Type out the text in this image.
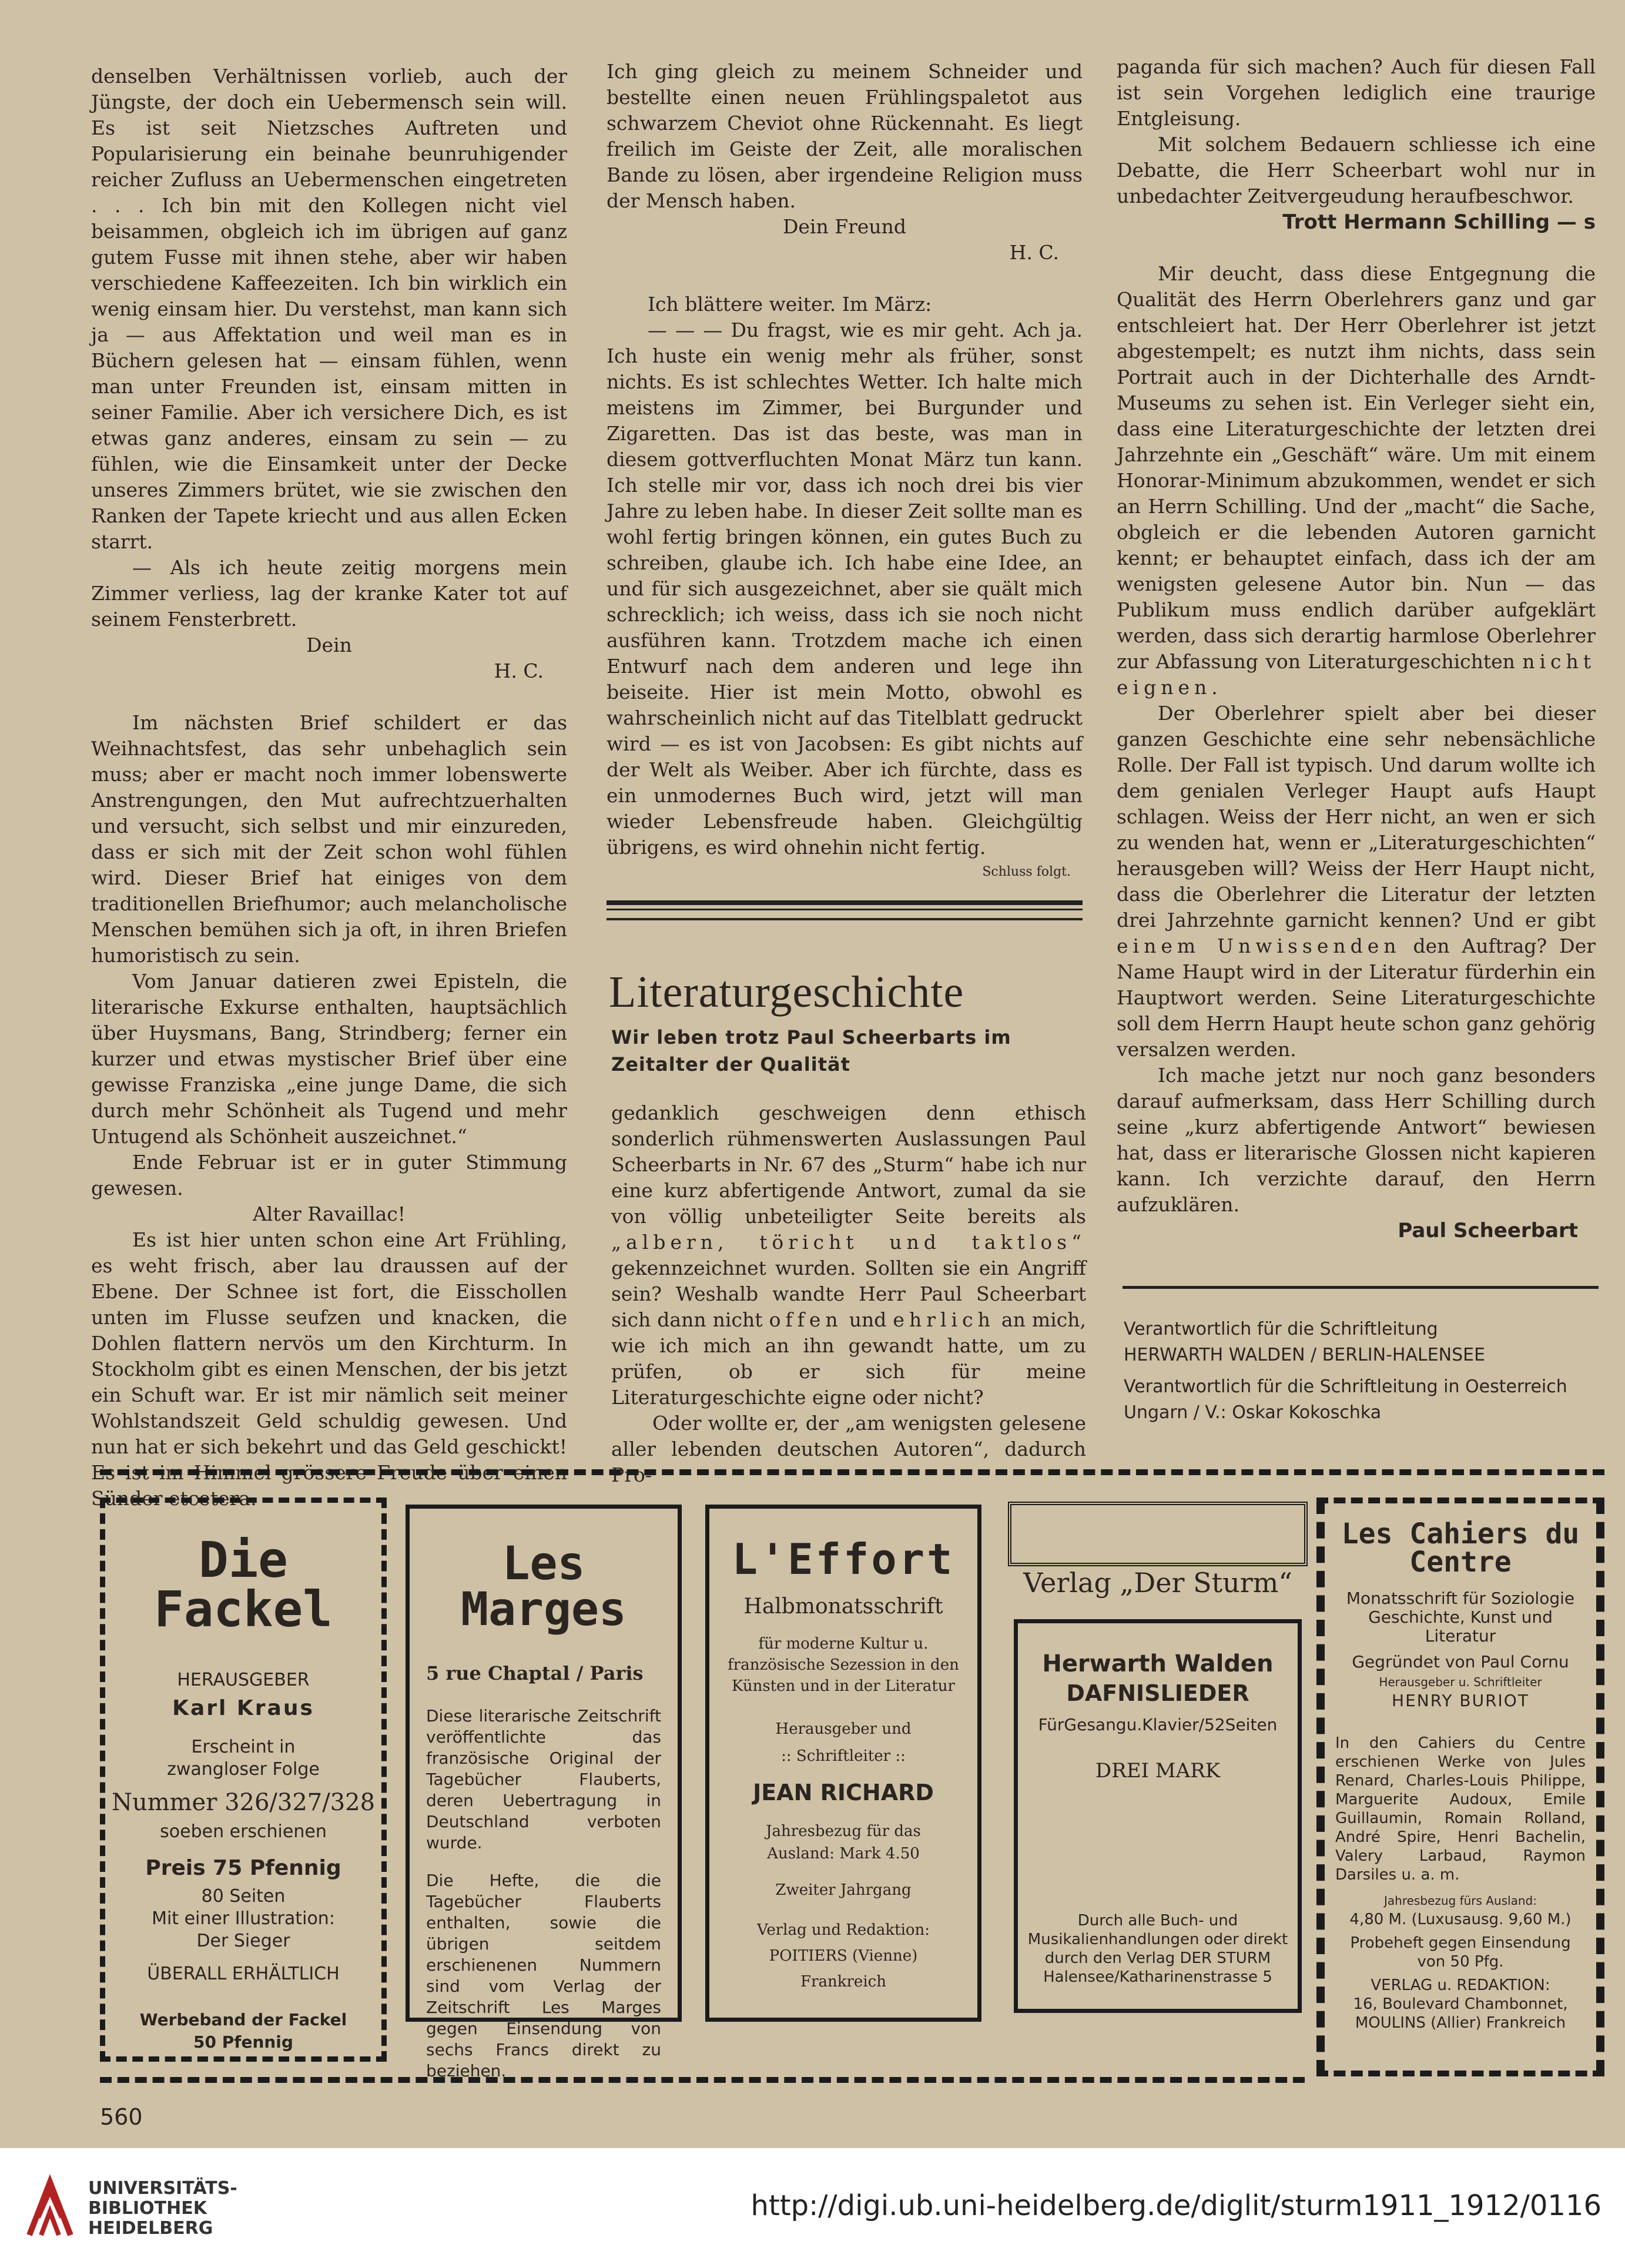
denselben Verhältnissen vorlieb, auch der Jüngste, der doch ein Uebermensch sein will. Es ist seit Nietzsches Auftreten und Popularisierung ein beinahe beunruhigender reicher Zufluss an Uebermenschen eingetreten . . . Ich bin mit den Kollegen nicht viel beisammen, obgleich ich im übrigen auf ganz gutem Fusse mit ihnen stehe, aber wir haben verschiedene Kaffeezeiten. Ich bin wirklich ein wenig einsam hier. Du verstehst, man kann sich ja — aus Affektation und weil man es in Büchern gelesen hat — einsam fühlen, wenn man unter Freunden ist, einsam mitten in seiner Familie. Aber ich versichere Dich, es ist etwas ganz anderes, einsam zu sein — zu fühlen, wie die Einsamkeit unter der Decke unseres Zimmers brütet, wie sie zwischen den Ranken der Tapete kriecht und aus allen Ecken starrt.

— Als ich heute zeitig morgens mein Zimmer verliess, lag der kranke Kater tot auf seinem Fensterbrett.

Dein

H. C.

Im nächsten Brief schildert er das Weihnachtsfest, das sehr unbehaglich sein muss; aber er macht noch immer lobenswerte Anstrengungen, den Mut aufrechtzuerhalten und versucht, sich selbst und mir einzureden, dass er sich mit der Zeit schon wohl fühlen wird. Dieser Brief hat einiges von dem traditionellen Briefhumor; auch melancholische Menschen bemühen sich ja oft, in ihren Briefen humoristisch zu sein.

Vom Januar datieren zwei Episteln, die literarische Exkurse enthalten, hauptsächlich über Huysmans, Bang, Strindberg; ferner ein kurzer und etwas mystischer Brief über eine gewisse Franziska „eine junge Dame, die sich durch mehr Schönheit als Tugend und mehr Untugend als Schönheit auszeichnet.“

Ende Februar ist er in guter Stimmung gewesen.

Alter Ravaillac!

Es ist hier unten schon eine Art Frühling, es weht frisch, aber lau draussen auf der Ebene. Der Schnee ist fort, die Eisschollen unten im Flusse seufzen und knacken, die Dohlen flattern nervös um den Kirchturm. In Stockholm gibt es einen Menschen, der bis jetzt ein Schuft war. Er ist mir nämlich seit meiner Wohlstandszeit Geld schuldig gewesen. Und nun hat er sich bekehrt und das Geld geschickt! Es ist im Himmel grössere Freude über einen Sünder etcetera.

Ich ging gleich zu meinem Schneider und bestellte einen neuen Frühlingspaletot aus schwarzem Cheviot ohne Rückennaht. Es liegt freilich im Geiste der Zeit, alle moralischen Bande zu lösen, aber irgendeine Religion muss der Mensch haben.

Dein Freund

H. C.

Ich blättere weiter. Im März:

— — — Du fragst, wie es mir geht. Ach ja. Ich huste ein wenig mehr als früher, sonst nichts. Es ist schlechtes Wetter. Ich halte mich meistens im Zimmer, bei Burgunder und Zigaretten. Das ist das beste, was man in diesem gottverfluchten Monat März tun kann. Ich stelle mir vor, dass ich noch drei bis vier Jahre zu leben habe. In dieser Zeit sollte man es wohl fertig bringen können, ein gutes Buch zu schreiben, glaube ich. Ich habe eine Idee, an und für sich ausgezeichnet, aber sie quält mich schrecklich; ich weiss, dass ich sie noch nicht ausführen kann. Trotzdem mache ich einen Entwurf nach dem anderen und lege ihn beiseite. Hier ist mein Motto, obwohl es wahrscheinlich nicht auf das Titelblatt gedruckt wird — es ist von Jacobsen: Es gibt nichts auf der Welt als Weiber. Aber ich fürchte, dass es ein unmodernes Buch wird, jetzt will man wieder Lebensfreude haben. Gleichgültig übrigens, es wird ohnehin nicht fertig.

Schluss folgt.

Literaturgeschichte
Wir leben trotz Paul Scheerbarts im Zeitalter der Qualität

gedanklich geschweigen denn ethisch sonderlich rühmenswerten Auslassungen Paul Scheerbarts in Nr. 67 des „Sturm“ habe ich nur eine kurz abfertigende Antwort, zumal da sie von völlig unbeteiligter Seite bereits als „albern, töricht und taktlos“ gekennzeichnet wurden. Sollten sie ein Angriff sein? Weshalb wandte Herr Paul Scheerbart sich dann nicht offen und ehrlich an mich, wie ich mich an ihn gewandt hatte, um zu prüfen, ob er sich für meine Literaturgeschichte eigne oder nicht?

Oder wollte er, der „am wenigsten gelesene aller lebenden deutschen Autoren“, dadurch Pro-

paganda für sich machen? Auch für diesen Fall ist sein Vorgehen lediglich eine traurige Entgleisung.

Mit solchem Bedauern schliesse ich eine Debatte, die Herr Scheerbart wohl nur in unbedachter Zeitvergeudung heraufbeschwor.

Trott Hermann Schilling — s

Mir deucht, dass diese Entgegnung die Qualität des Herrn Oberlehrers ganz und gar entschleiert hat. Der Herr Oberlehrer ist jetzt abgestempelt; es nutzt ihm nichts, dass sein Portrait auch in der Dichterhalle des Arndt-Museums zu sehen ist. Ein Verleger sieht ein, dass eine Literaturgeschichte der letzten drei Jahrzehnte ein „Geschäft“ wäre. Um mit einem Honorar-Minimum abzukommen, wendet er sich an Herrn Schilling. Und der „macht“ die Sache, obgleich er die lebenden Autoren garnicht kennt; er behauptet einfach, dass ich der am wenigsten gelesene Autor bin. Nun — das Publikum muss endlich darüber aufgeklärt werden, dass sich derartig harmlose Oberlehrer zur Abfassung von Literaturgeschichten nicht eignen.

Der Oberlehrer spielt aber bei dieser ganzen Geschichte eine sehr nebensächliche Rolle. Der Fall ist typisch. Und darum wollte ich dem genialen Verleger Haupt aufs Haupt schlagen. Weiss der Herr nicht, an wen er sich zu wenden hat, wenn er „Literaturgeschichten“ herausgeben will? Weiss der Herr Haupt nicht, dass die Oberlehrer die Literatur der letzten drei Jahrzehnte garnicht kennen? Und er gibt einem Unwissenden den Auftrag? Der Name Haupt wird in der Literatur fürderhin ein Hauptwort werden. Seine Literaturgeschichte soll dem Herrn Haupt heute schon ganz gehörig versalzen werden.

Ich mache jetzt nur noch ganz besonders darauf aufmerksam, dass Herr Schilling durch seine „kurz abfertigende Antwort“ bewiesen hat, dass er literarische Glossen nicht kapieren kann. Ich verzichte darauf, den Herrn aufzuklären.

Paul Scheerbart

Verantwortlich für die Schriftleitung
HERWARTH WALDEN / BERLIN-HALENSEE
Verantwortlich für die Schriftleitung in Oesterreich Ungarn / V.: Oskar Kokoschka
Die Fackel

HERAUSGEBER

Karl Kraus

Erscheint in zwangloser Folge

Nummer 326/327/328

soeben erschienen

Preis 75 Pfennig

80 Seiten

Mit einer Illustration:

Der Sieger

ÜBERALL ERHÄLTLICH

Werbeband der Fackel

50 Pfennig

Les Marges

5 rue Chaptal / Paris

Diese literarische Zeitschrift veröffentlichte das französische Original der Tagebücher Flauberts, deren Uebertragung in Deutschland verboten wurde.

Die Hefte, die die Tagebücher Flauberts enthalten, sowie die übrigen seitdem erschienenen Nummern sind vom Verlag der Zeitschrift Les Marges gegen Einsendung von sechs Francs direkt zu beziehen.

L'Effort

Halbmonatsschrift

für moderne Kultur u. französische Sezession in den Künsten und in der Literatur

Herausgeber und

:: Schriftleiter ::

JEAN RICHARD

Jahresbezug für das Ausland: Mark 4.50

Zweiter Jahrgang

Verlag und Redaktion:

POITIERS (Vienne)

Frankreich

Verlag „Der Sturm“

Herwarth Walden

DAFNISLIEDER

FürGesangu.Klavier/52Seiten

DREI MARK

Durch alle Buch- und Musikalienhandlungen oder direkt durch den Verlag DER STURM Halensee/Katharinenstrasse 5

Les Cahiers du Centre

Monatsschrift für Soziologie Geschichte, Kunst und Literatur

Gegründet von Paul Cornu

Herausgeber u. Schriftleiter

HENRY BURIOT

In den Cahiers du Centre erschienen Werke von Jules Renard, Charles-Louis Philippe, Marguerite Audoux, Emile Guillaumin, Romain Rolland, André Spire, Henri Bachelin, Valery Larbaud, Raymon Darsiles u. a. m.

Jahresbezug fürs Ausland:

4,80 M. (Luxusausg. 9,60 M.)

Probeheft gegen Einsendung von 50 Pfg.

VERLAG u. REDAKTION:

16, Boulevard Chambonnet, MOULINS (Allier) Frankreich

560
UNIVERSITÄTS-
BIBLIOTHEK
HEIDELBERG
http://digi.ub.uni-heidelberg.de/diglit/sturm1911_1912/0116
